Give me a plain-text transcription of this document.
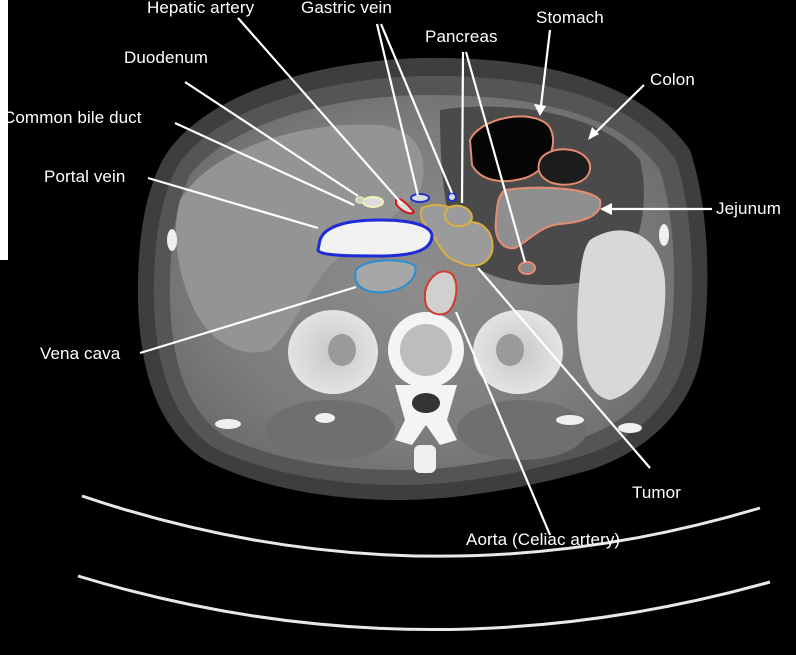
Hepatic artery	Gastric vein
Stomach
Pancreas
Duodenum
Colon
Common bile duct
Portal vein
Jejunum
Vena cava
Tumor
Aorta (Celiac artery)
